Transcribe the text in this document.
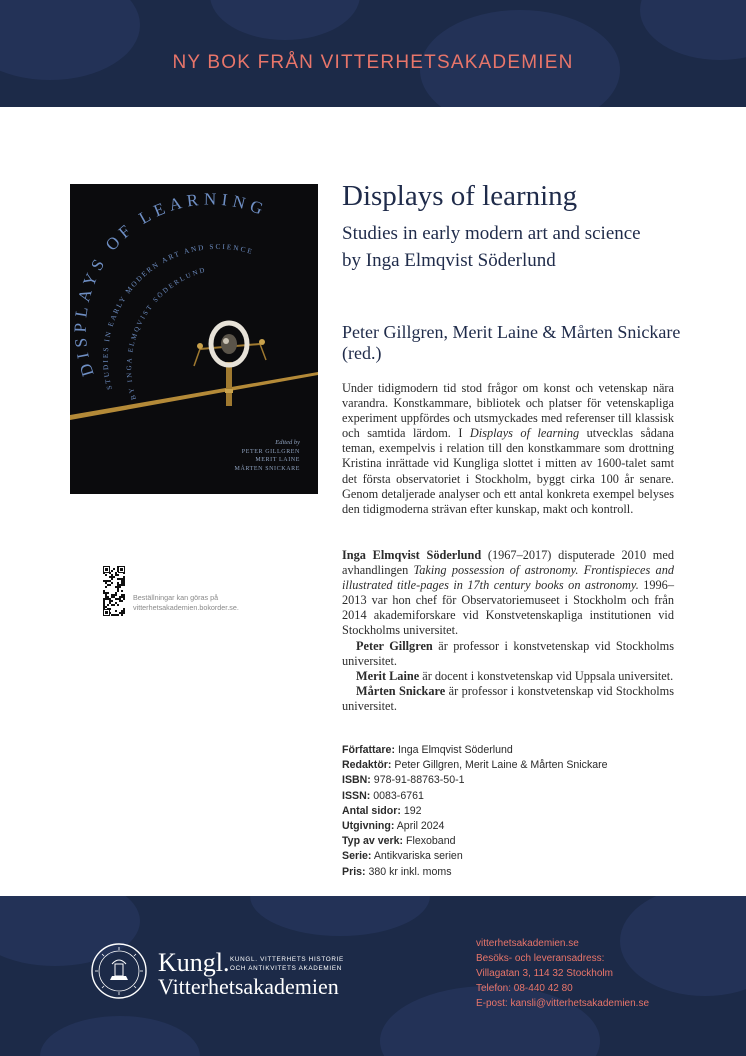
NY BOK FRÅN VITTERHETSAKADEMIEN
DISPLAYS OF LEARNING
STUDIES IN EARLY MODERN ART AND SCIENCE
BY INGA ELMQVIST SÖDERLUND
Edited by
PETER GILLGREN
MERIT LAINE
MÅRTEN SNICKARE
Displays of learning
Studies in early modern art and science
by Inga Elmqvist Söderlund
Peter Gillgren, Merit Laine & Mårten Snickare (red.)
Under tidigmodern tid stod frågor om konst och vetenskap nära varandra. Konstkammare, bibliotek och platser för vetenskapliga experiment uppfördes och utsmyckades med referenser till klassisk och samtida lärdom. I Displays of learning utvecklas sådana teman, exempelvis i relation till den konstkammare som drottning Kristina inrättade vid Kungliga slottet i mitten av 1600-talet samt det första observatoriet i Stockholm, byggt cirka 100 år senare. Genom detaljerade analyser och ett antal konkreta exempel belyses den tidigmoderna strävan efter kunskap, makt och kontroll.

Inga Elmqvist Söderlund (1967–2017) disputerade 2010 med avhandlingen Taking possession of astronomy. Frontispieces and illustrated title-pages in 17th century books on astronomy. 1996–2013 var hon chef för Observatoriemuseet i Stockholm och från 2014 akademiforskare vid Konstvetenskapliga institutionen vid Stockholms universitet.

Peter Gillgren är professor i konstvetenskap vid Stockholms universitet.

Merit Laine är docent i konstvetenskap vid Uppsala universitet.

Mårten Snickare är professor i konstvetenskap vid Stockholms universitet.

Författare: Inga Elmqvist Söderlund
Redaktör: Peter Gillgren, Merit Laine & Mårten Snickare
ISBN: 978-91-88763-50-1
ISSN: 0083-6761
Antal sidor: 192
Utgivning: April 2024
Typ av verk: Flexoband
Serie: Antikvariska serien
Pris: 380 kr inkl. moms
Beställningar kan göras på
vitterhetsakademien.bokorder.se.
Kungl.
Vitterhetsakademien
KUNGL. VITTERHETS HISTORIE
OCH ANTIKVITETS AKADEMIEN
vitterhetsakademien.se
Besöks- och leveransadress:
Villagatan 3, 114 32 Stockholm
Telefon: 08-440 42 80
E-post: kansli@vitterhetsakademien.se
